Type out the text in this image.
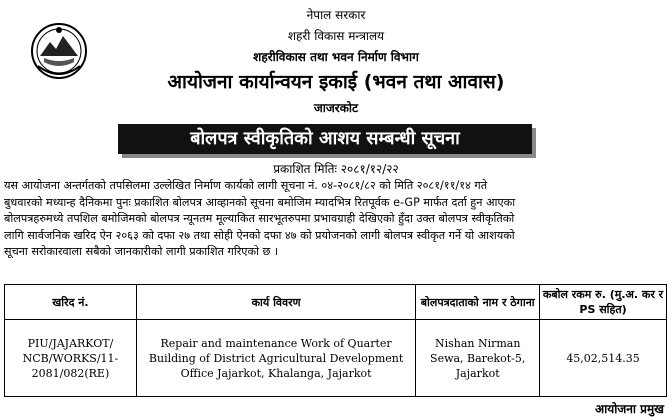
नेपाल सरकार
शहरी विकास मन्त्रालय
शहरीविकास तथा भवन निर्माण विभाग
आयोजना कार्यान्वयन इकाई (भवन तथा आवास)
जाजरकोट
बोलपत्र स्वीकृतिको आशय सम्बन्धी सूचना
प्रकाशित मितिः २०८१/१२/२२
यस आयोजना अन्तर्गतको तपसिलमा उल्लेखित निर्माण कार्यको लागी सूचना नं. ०४-२०८१/८२ को मिति २०८१/११/१४ गते
बुधवारको मध्यान्ह दैनिकमा पुनः प्रकाशित बोलपत्र आव्हानको सूचना बमोजिम म्यादभित्र रितपूर्वक e-GP मार्फत दर्ता हुन आएका
बोलपत्रहरुमध्ये तपशिल बमोजिमको बोलपत्र न्यूनतम मूल्याकित सारभूतरुपमा प्रभावग्राही देखिएको हुँदा उक्त बोलपत्र स्वीकृतिको
लागि सार्वजनिक खरिद ऐन २०६३ को दफा २७ तथा सोही ऐनको दफा ४७ को प्रयोजनको लागी बोलपत्र स्वीकृत गर्ने यो आशयको
सूचना सरोकारवाला सबैको जानकारीको लागी प्रकाशित गरिएको छ ।
खरिद नं.	कार्य विवरण	बोलपत्रदाताको नाम र ठेगाना	कबोल रकम रु. (मु.अ. कर र PS सहित)
PIU/JAJARKOT/ NCB/WORKS/11- 2081/082(RE)	Repair and maintenance Work of Quarter Building of District Agricultural Development Office Jajarkot, Khalanga, Jajarkot	Nishan Nirman Sewa, Barekot-5, Jajarkot	45,02,514.35
आयोजना प्रमुख
